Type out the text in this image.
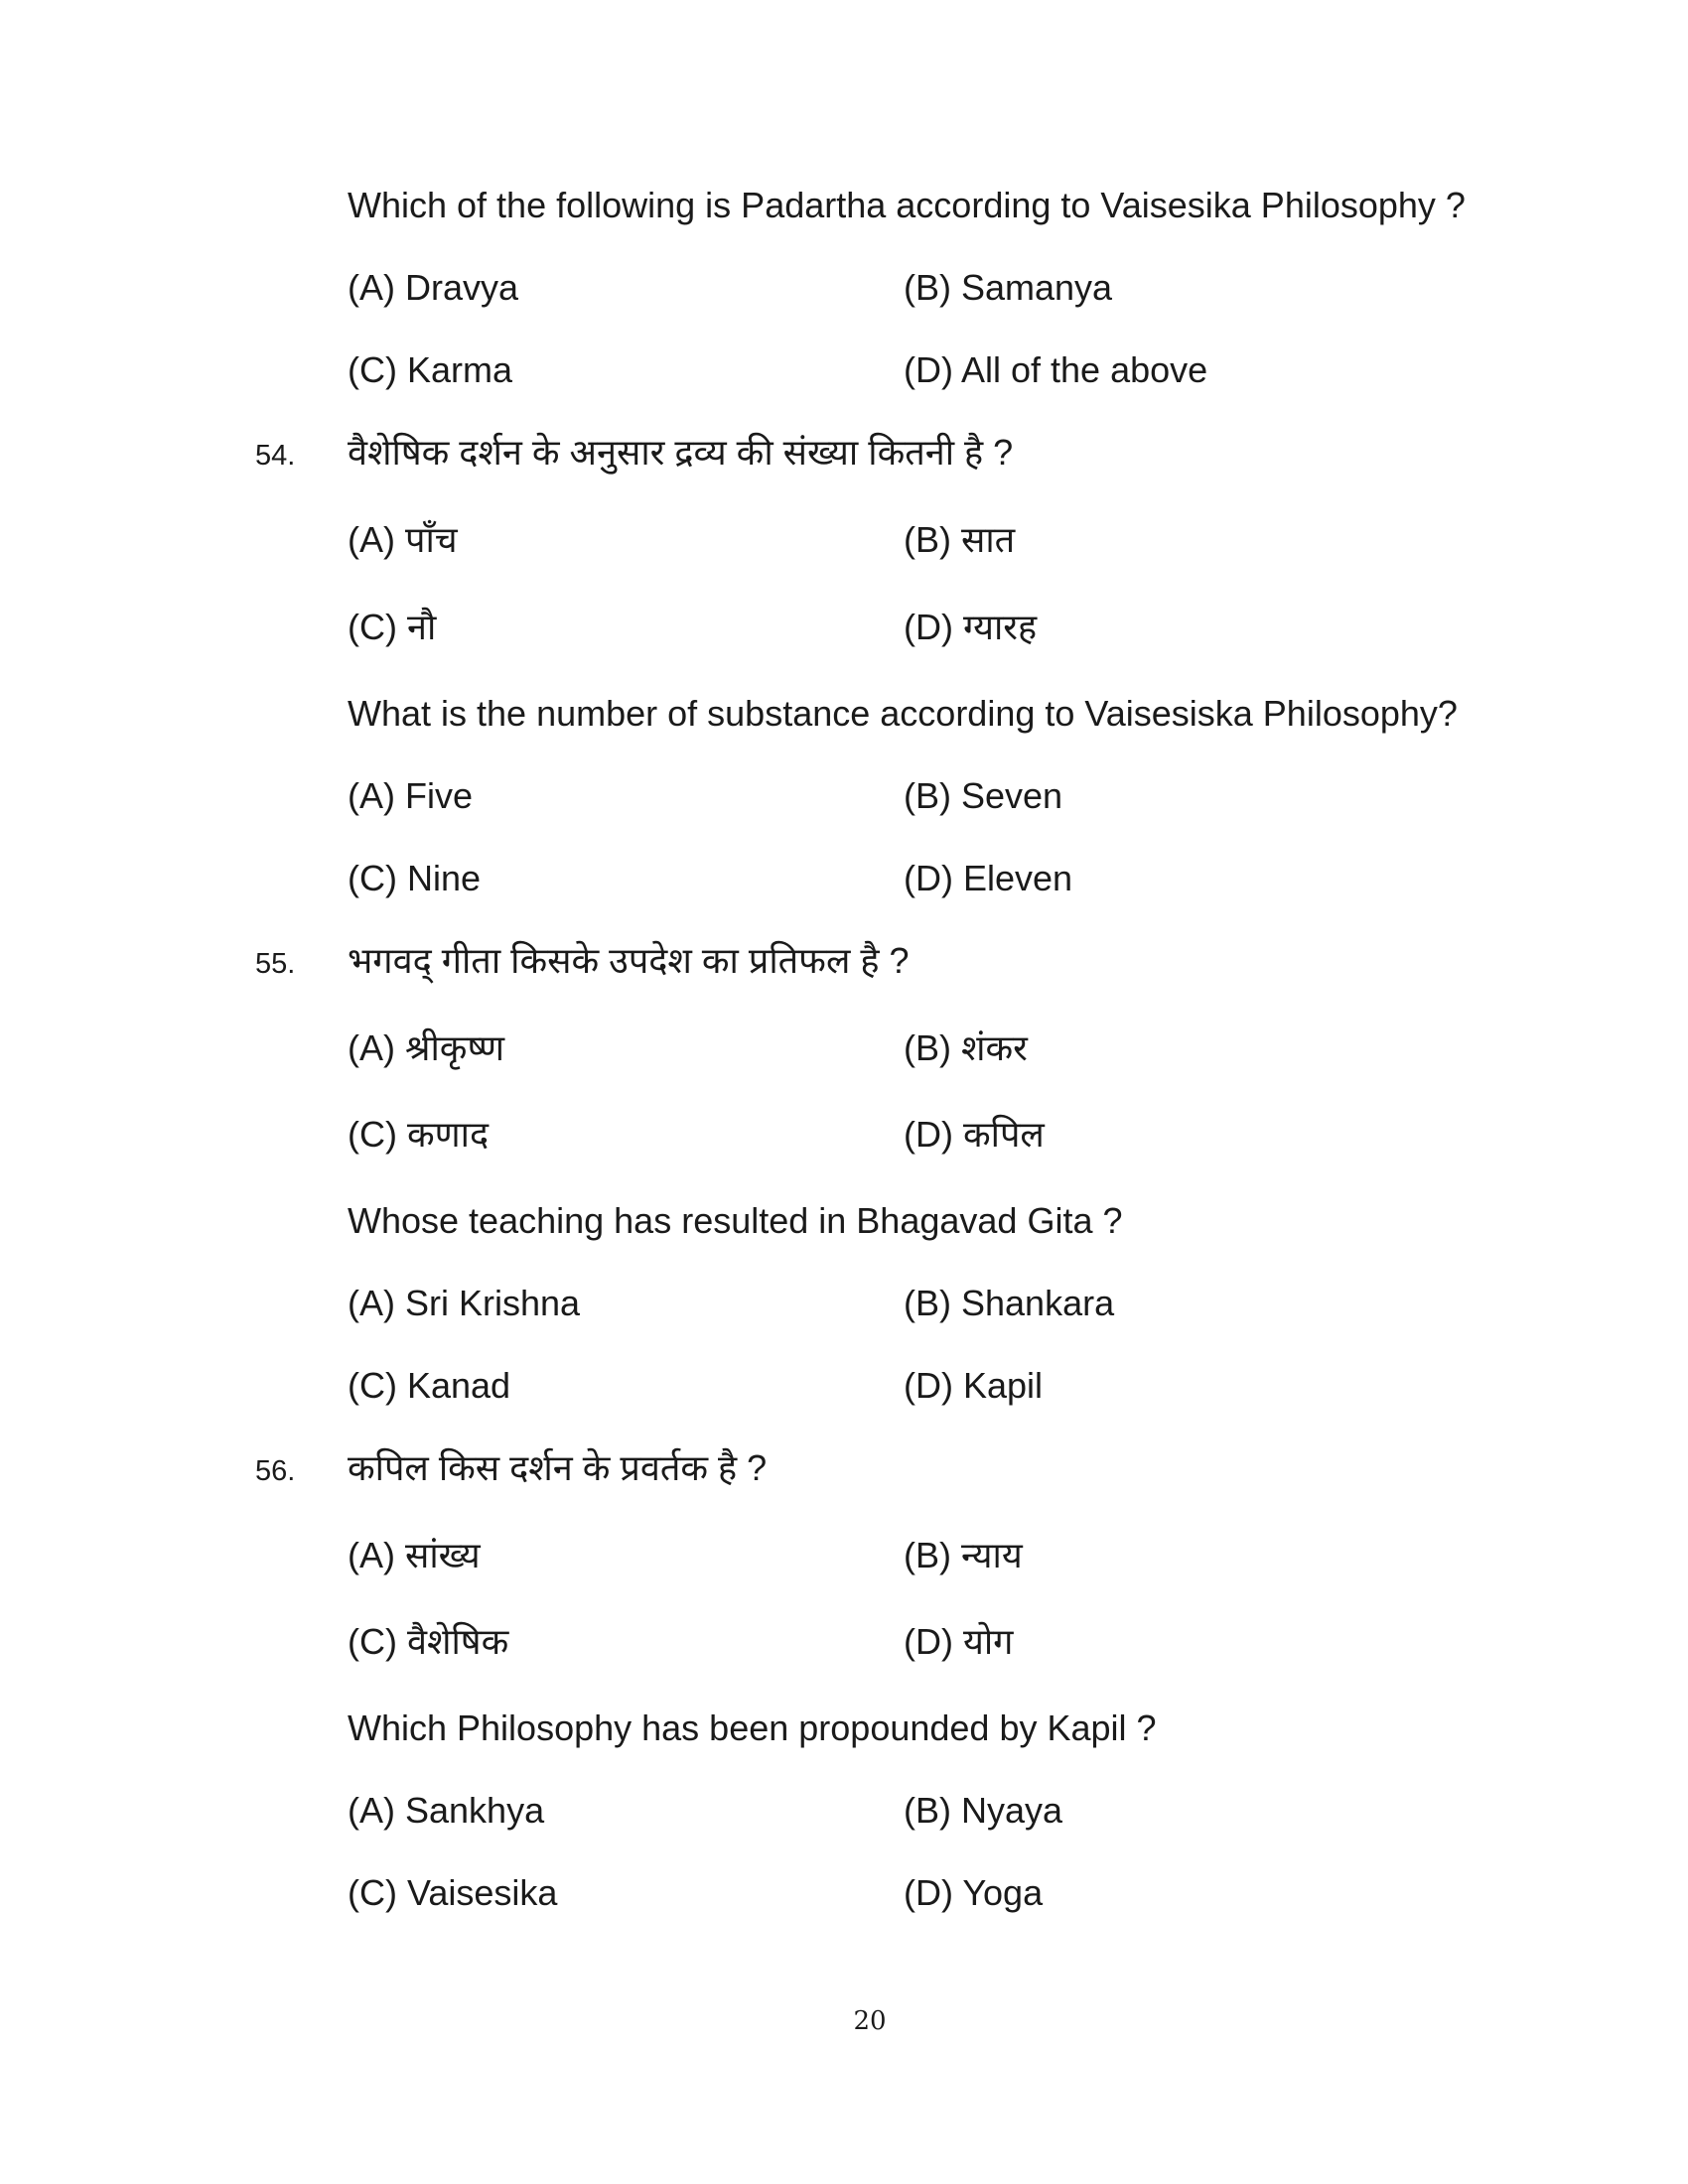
Which of the following is Padartha according to Vaisesika Philosophy ?
(A) Dravya	(B) Samanya
(C) Karma	(D) All of the above
54. वैशेषिक दर्शन के अनुसार द्रव्य की संख्या कितनी है ?
(A) पाँच	(B) सात
(C) नौ	(D) ग्यारह
What is the number of substance according to Vaisesiska Philosophy?
(A) Five	(B) Seven
(C) Nine	(D) Eleven
55. भगवद् गीता किसके उपदेश का प्रतिफल है ?
(A) श्रीकृष्ण	(B) शंकर
(C) कणाद	(D) कपिल
Whose teaching has resulted in Bhagavad Gita ?
(A) Sri Krishna	(B) Shankara
(C) Kanad	(D) Kapil
56. कपिल किस दर्शन के प्रवर्तक है ?
(A) सांख्य	(B) न्याय
(C) वैशेषिक	(D) योग
Which Philosophy has been propounded by Kapil ?
(A) Sankhya	(B) Nyaya
(C) Vaisesika	(D) Yoga
20
